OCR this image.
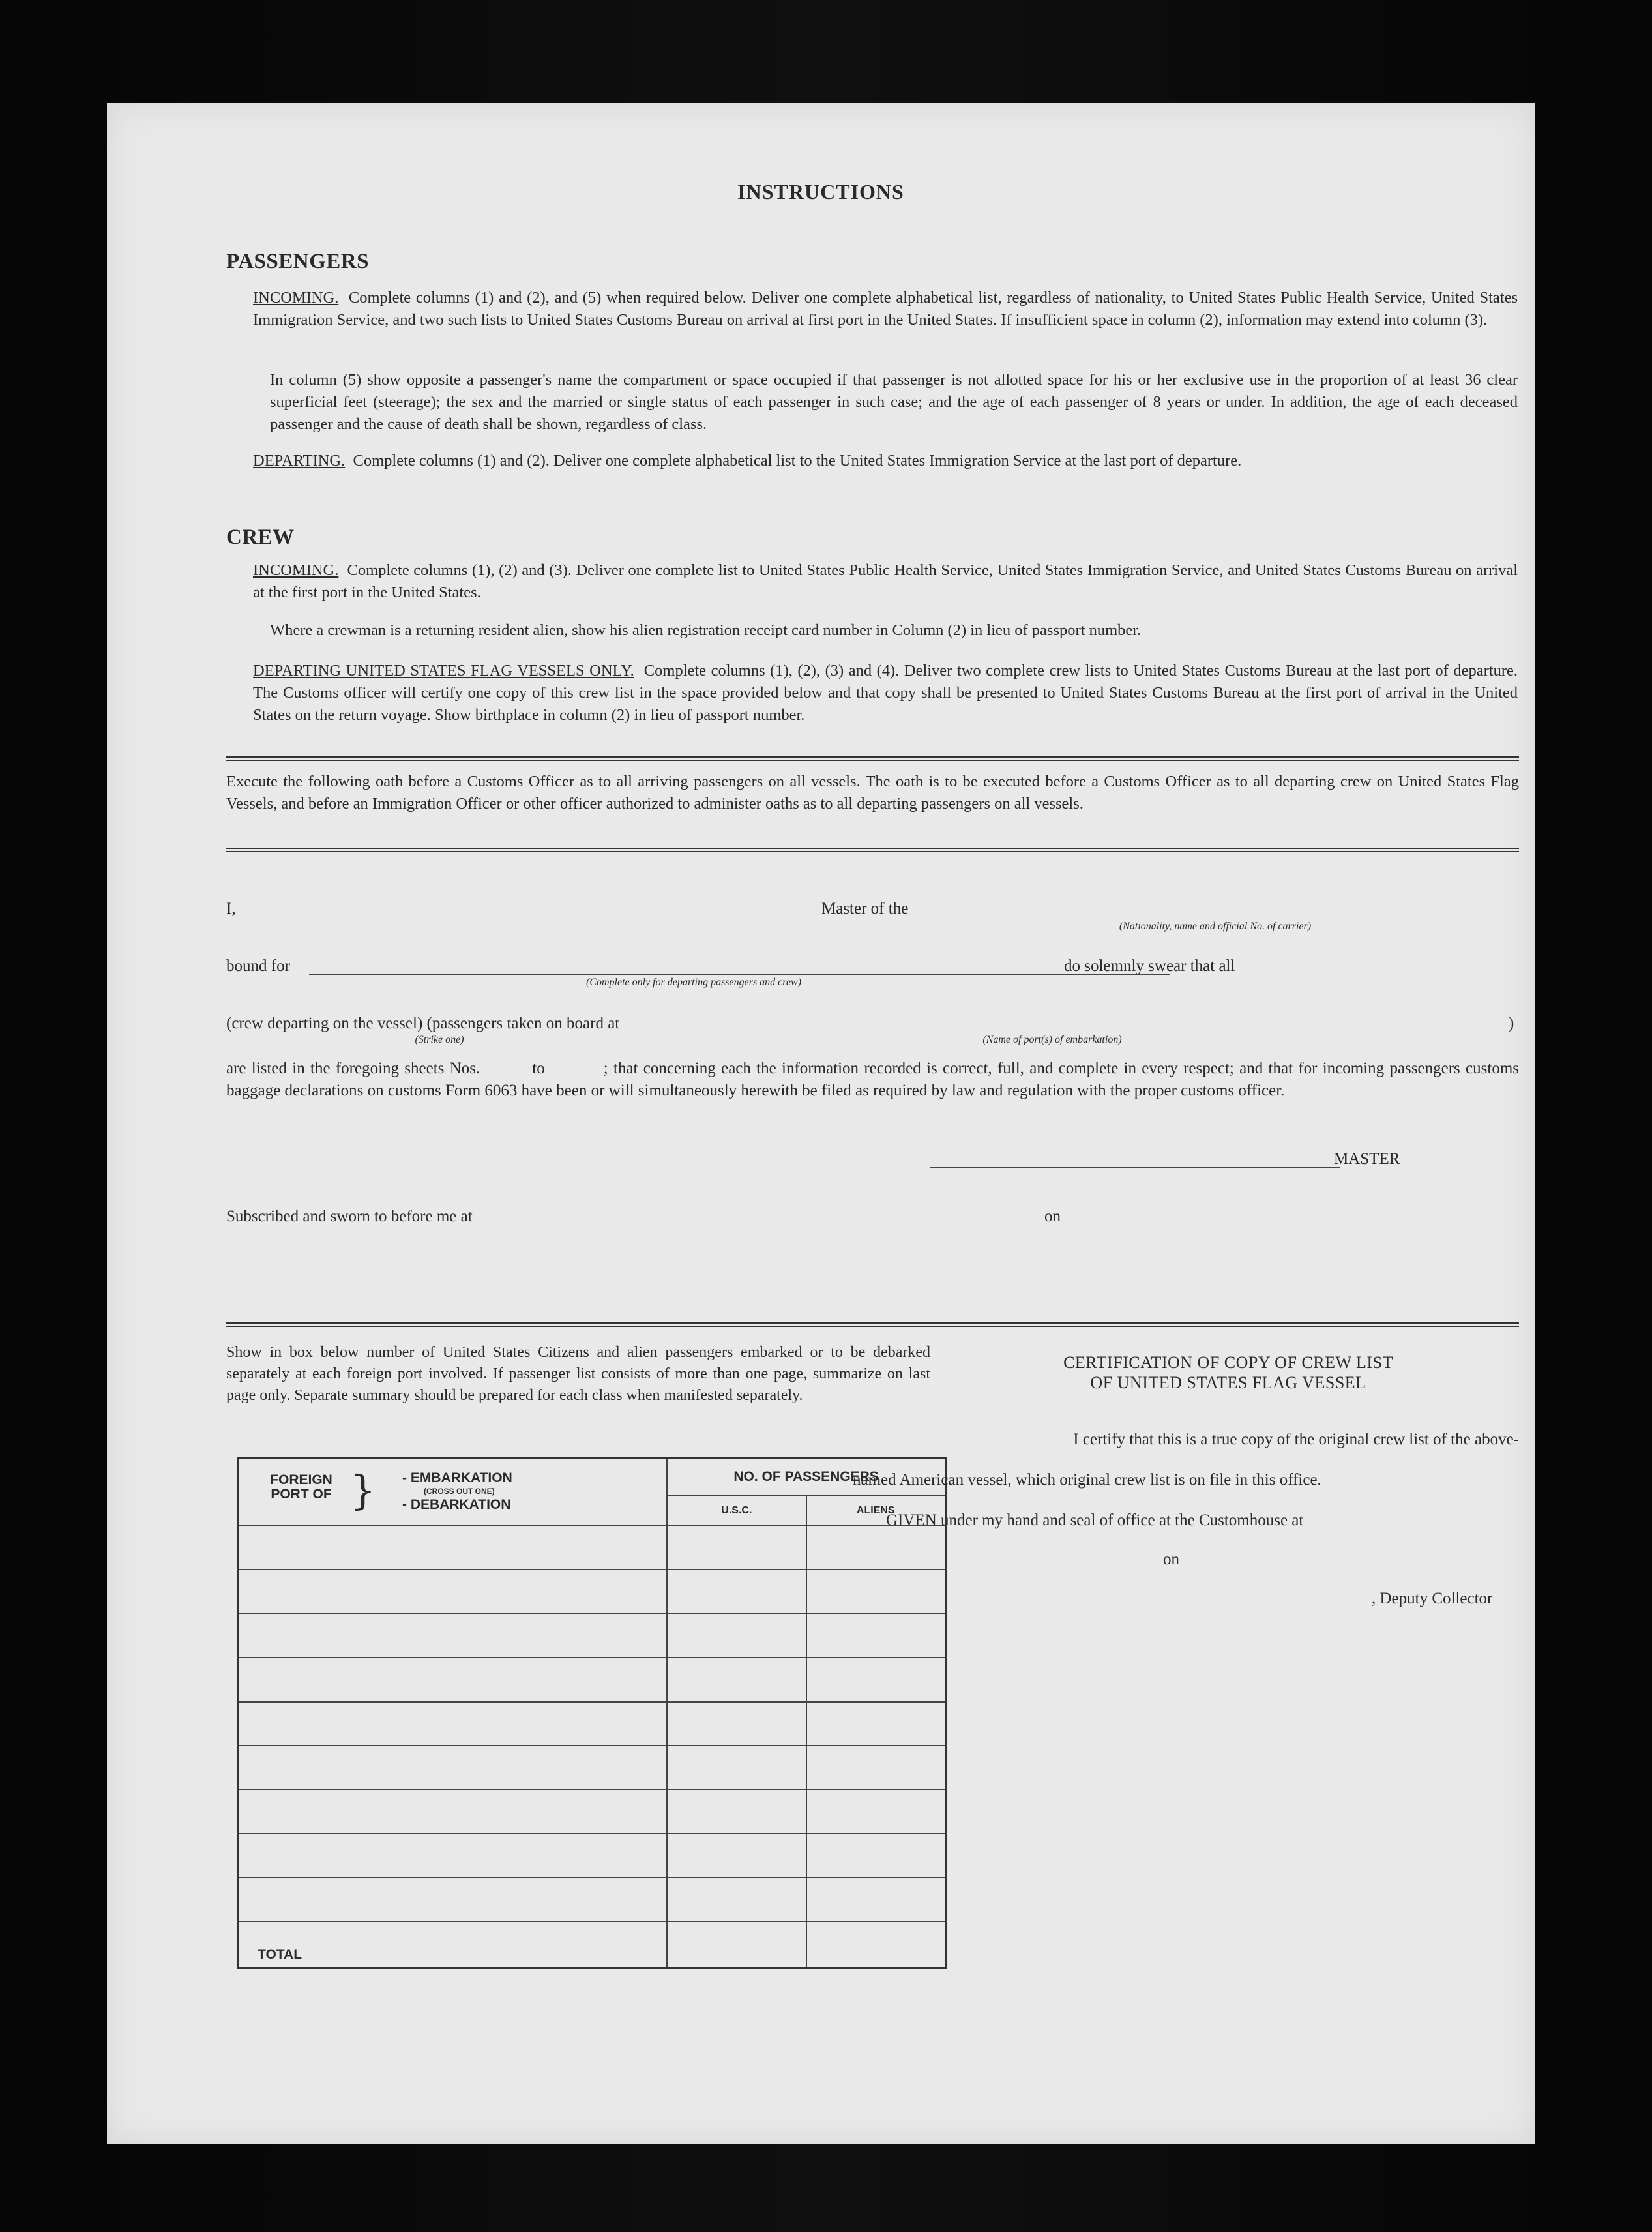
INSTRUCTIONS
PASSENGERS
INCOMING. Complete columns (1) and (2), and (5) when required below. Deliver one complete alphabetical list, regardless of nationality, to United States Public Health Service, United States Immigration Service, and two such lists to United States Customs Bureau on arrival at first port in the United States. If insufficient space in column (2), information may extend into column (3).
In column (5) show opposite a passenger's name the compartment or space occupied if that passenger is not allotted space for his or her exclusive use in the proportion of at least 36 clear superficial feet (steerage); the sex and the married or single status of each passenger in such case; and the age of each passenger of 8 years or under. In addition, the age of each deceased passenger and the cause of death shall be shown, regardless of class.
DEPARTING. Complete columns (1) and (2). Deliver one complete alphabetical list to the United States Immigration Service at the last port of departure.
CREW
INCOMING. Complete columns (1), (2) and (3). Deliver one complete list to United States Public Health Service, United States Immigration Service, and United States Customs Bureau on arrival at the first port in the United States.
Where a crewman is a returning resident alien, show his alien registration receipt card number in Column (2) in lieu of passport number.
DEPARTING UNITED STATES FLAG VESSELS ONLY. Complete columns (1), (2), (3) and (4). Deliver two complete crew lists to United States Customs Bureau at the last port of departure. The Customs officer will certify one copy of this crew list in the space provided below and that copy shall be presented to United States Customs Bureau at the first port of arrival in the United States on the return voyage. Show birthplace in column (2) in lieu of passport number.
Execute the following oath before a Customs Officer as to all arriving passengers on all vessels. The oath is to be executed before a Customs Officer as to all departing crew on United States Flag Vessels, and before an Immigration Officer or other officer authorized to administer oaths as to all departing passengers on all vessels.
I,	Master of the
(Nationality, name and official No. of carrier)
bound for	do solemnly swear that all
(Complete only for departing passengers and crew)
(crew departing on the vessel) (passengers taken on board at	)
(Strike one)	(Name of port(s) of embarkation)
are listed in the foregoing sheets Nos.	to	; that concerning each the information recorded is correct, full, and complete in every respect; and that for incoming passengers customs baggage declarations on customs Form 6063 have been or will simultaneously herewith be filed as required by law and regulation with the proper customs officer.
MASTER
Subscribed and sworn to before me at	on
Show in box below number of United States Citizens and alien passengers embarked or to be debarked separately at each foreign port involved. If passenger list consists of more than one page, summarize on last page only. Separate summary should be prepared for each class when manifested separately.
FOREIGN PORT OF } - EMBARKATION
(CROSS OUT ONE)
- DEBARKATION	NO. OF PASSENGERS	
	U.S.C.	ALIENS

TOTAL		
CERTIFICATION OF COPY OF CREW LIST
OF UNITED STATES FLAG VESSEL
I certify that this is a true copy of the original crew list of the above-
named American vessel, which original crew list is on file in this office.
GIVEN under my hand and seal of office at the Customhouse at
on
, Deputy Collector
